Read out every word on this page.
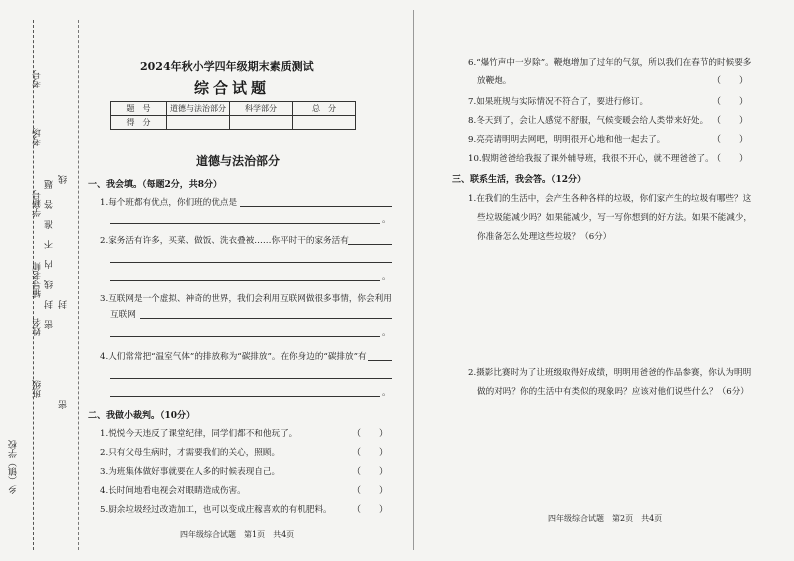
考号
考场
学籍号
辅导老师
姓名
班级
乡（镇）学校
题
答
准
不
内
线
封
密
线
封
密
2024年秋小学四年级期末素质测试
综合试题
题　号	道德与法治部分	科学部分	总　分
得　分			
道德与法治部分
一、我会填。（每题2分，共8分）
1.每个班都有优点，你们班的优点是
。
2.家务活有许多，买菜、做饭、洗衣叠被……你平时干的家务活有
。
3.互联网是一个虚拟、神奇的世界，我们会利用互联网做很多事情，你会利用
互联网
。
4.人们常常把“温室气体”的排放称为“碳排放”。在你身边的“碳排放”有
。
二、我做小裁判。（10分）
1.悦悦今天违反了课堂纪律，同学们都不和他玩了。	（　　）
2.只有父母生病时，才需要我们的关心，照顾。	（　　）
3.为班集体做好事就要在人多的时候表现自己。	（　　）
4.长时间地看电视会对眼睛造成伤害。	（　　）
5.厨余垃圾经过改造加工，也可以变成庄稼喜欢的有机肥料。 （　　）
四年级综合试题　第1页　共4页
6.“爆竹声中一岁除”。鞭炮增加了过年的气氛，所以我们在春节的时候要多
放鞭炮。	（　　）
7.如果班规与实际情况不符合了，要进行修订。	（　　）
8.冬天到了，会让人感觉不舒服，气候变暖会给人类带来好处。 （　　）
9.亮亮请明明去网吧，明明很开心地和他一起去了。	（　　）
10.假期爸爸给我报了课外辅导班，我很不开心，就不理爸爸了。
（　　）
三、联系生活，我会答。（12分）
1.在我们的生活中，会产生各种各样的垃圾，你们家产生的垃圾有哪些？这
些垃圾能减少吗？如果能减少，写一写你想到的好方法。如果不能减少，
你准备怎么处理这些垃圾？（6分）
2.摄影比赛时为了让班级取得好成绩，明明用爸爸的作品参赛，你认为明明
做的对吗？你的生活中有类似的现象吗？应该对他们说些什么？（6分）
四年级综合试题　第2页　共4页
